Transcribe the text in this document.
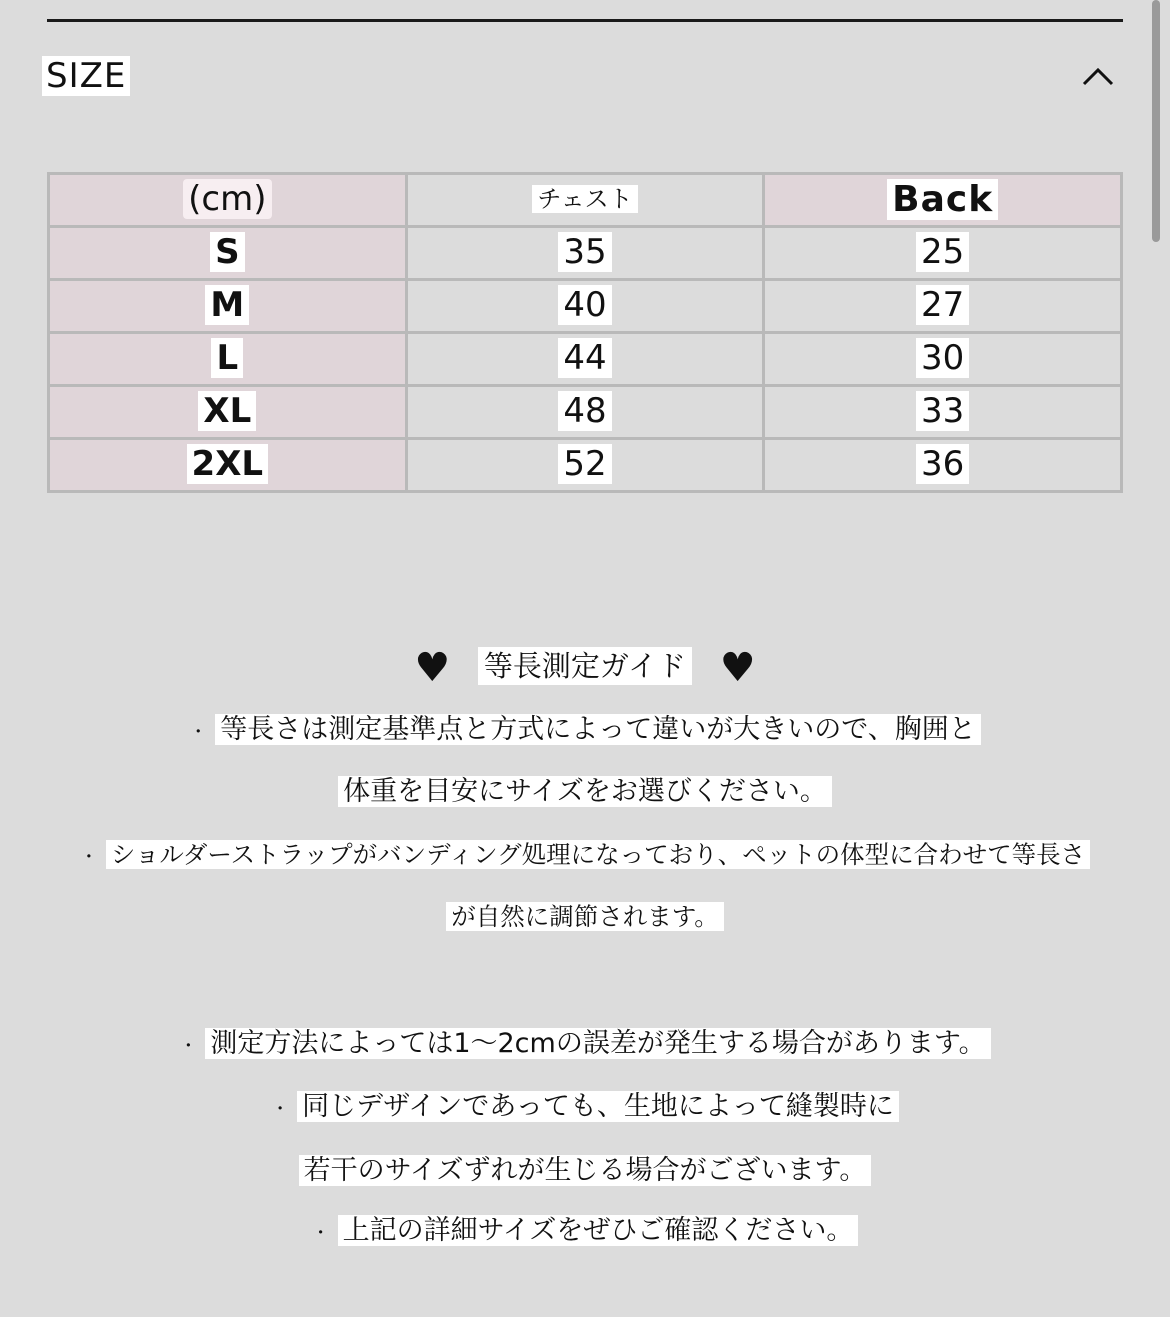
SIZE
(cm)	チェスト	Back
S	35	25
M	40	27
L	44	30
XL	48	33
2XL	52	36
♥ 等長測定ガイド ♥
・ 等長さは測定基準点と方式によって違いが大きいので、胸囲と
体重を目安にサイズをお選びください。
・ ショルダーストラップがバンディング処理になっており、ペットの体型に合わせて等長さ
が自然に調節されます。
・ 測定方法によっては1～2cmの誤差が発生する場合があります。
・ 同じデザインであっても、生地によって縫製時に
若干のサイズずれが生じる場合がございます。
・ 上記の詳細サイズをぜひご確認ください。
